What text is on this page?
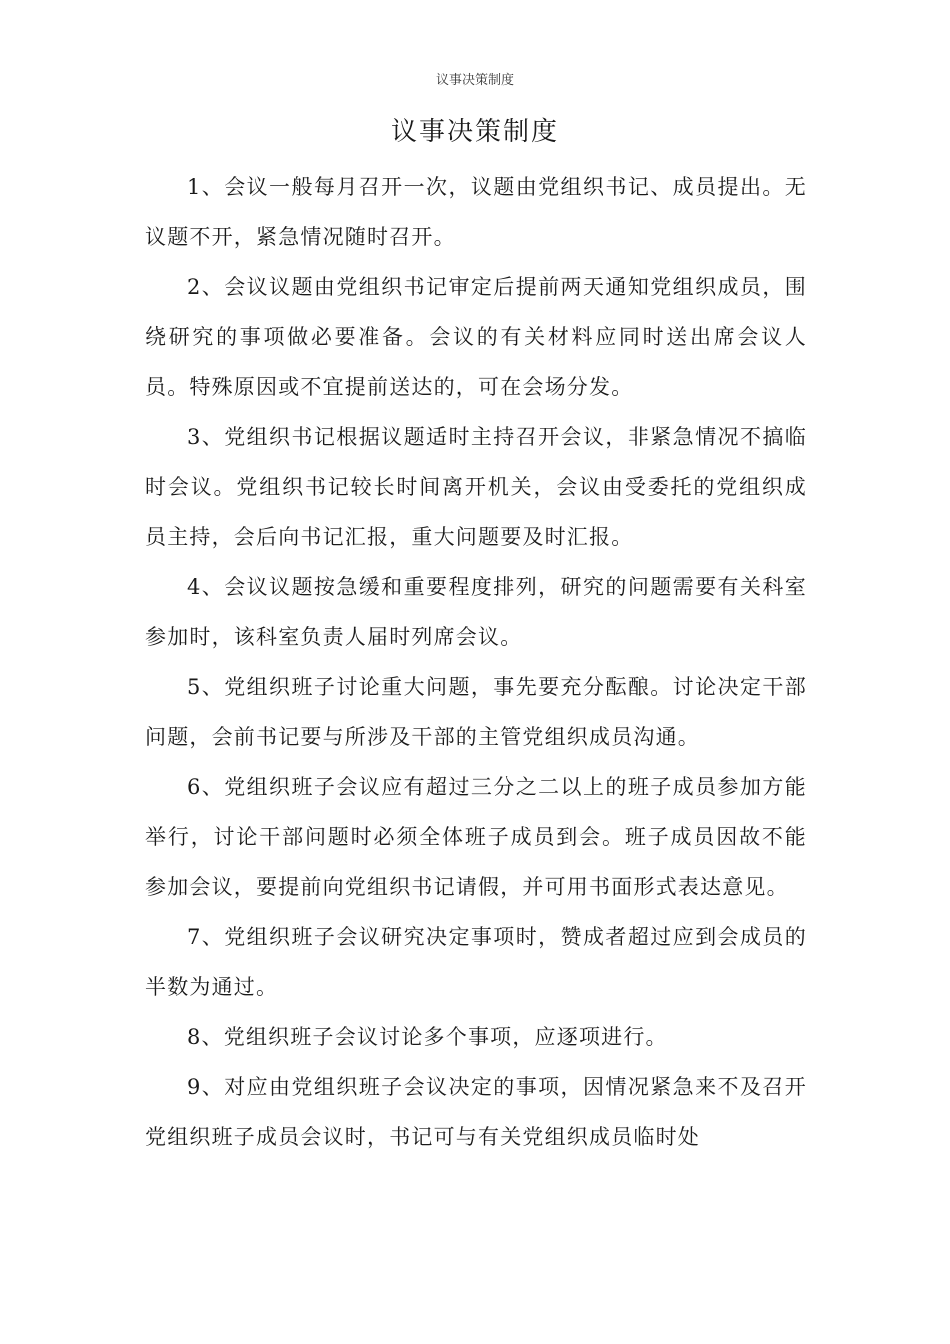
议事决策制度
议事决策制度

1、会议一般每月召开一次，议题由党组织书记、成员提出。无议题不开，紧急情况随时召开。

2、会议议题由党组织书记审定后提前两天通知党组织成员，围绕研究的事项做必要准备。会议的有关材料应同时送出席会议人员。特殊原因或不宜提前送达的，可在会场分发。

3、党组织书记根据议题适时主持召开会议，非紧急情况不搞临时会议。党组织书记较长时间离开机关，会议由受委托的党组织成员主持，会后向书记汇报，重大问题要及时汇报。

4、会议议题按急缓和重要程度排列，研究的问题需要有关科室参加时，该科室负责人届时列席会议。

5、党组织班子讨论重大问题，事先要充分酝酿。讨论决定干部问题，会前书记要与所涉及干部的主管党组织成员沟通。

6、党组织班子会议应有超过三分之二以上的班子成员参加方能举行，讨论干部问题时必须全体班子成员到会。班子成员因故不能参加会议，要提前向党组织书记请假，并可用书面形式表达意见。

7、党组织班子会议研究决定事项时，赞成者超过应到会成员的半数为通过。

8、党组织班子会议讨论多个事项，应逐项进行。

9、对应由党组织班子会议决定的事项，因情况紧急来不及召开党组织班子成员会议时，书记可与有关党组织成员临时处
